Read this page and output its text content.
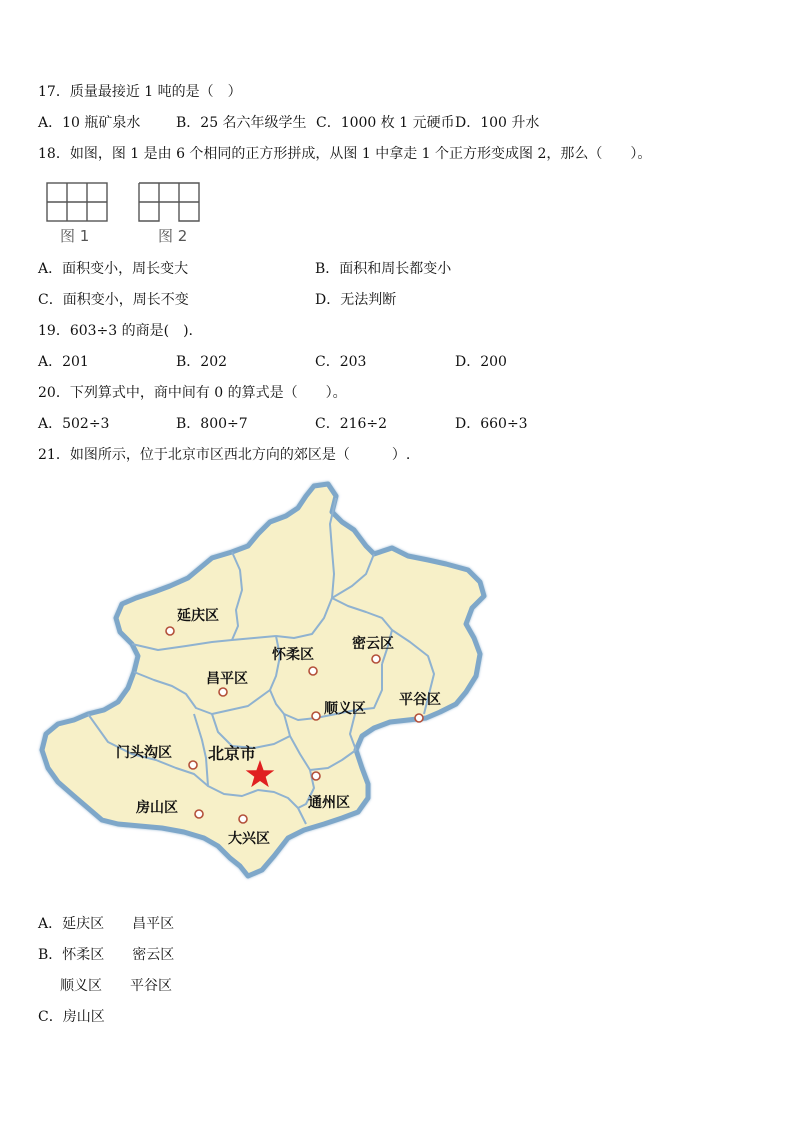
17．质量最接近 1 吨的是（　）
A．10 瓶矿泉水	B．25 名六年级学生 C．1000 枚 1 元硬币 D．100 升水
18．如图，图 1 是由 6 个相同的正方形拼成，从图 1 中拿走 1 个正方形变成图 2，那么（　　）。
图 1	图 2
A．面积变小，周长变大	B．面积和周长都变小
C．面积变小，周长不变	D．无法判断
19．603÷3 的商是(　).
A．201	B．202	C．203	D．200
20．下列算式中，商中间有 0 的算式是（　　）。
A．502÷3	B．800÷7	C．216÷2	D．660÷3
21．如图所示，位于北京市区西北方向的郊区是（　　　）.
延庆区
怀柔区
密云区
昌平区
平谷区
顺义区
门头沟区
通州区
房山区
大兴区
北京市
A．延庆区　　昌平区
B．怀柔区　　密云区
顺义区　　平谷区
C．房山区
